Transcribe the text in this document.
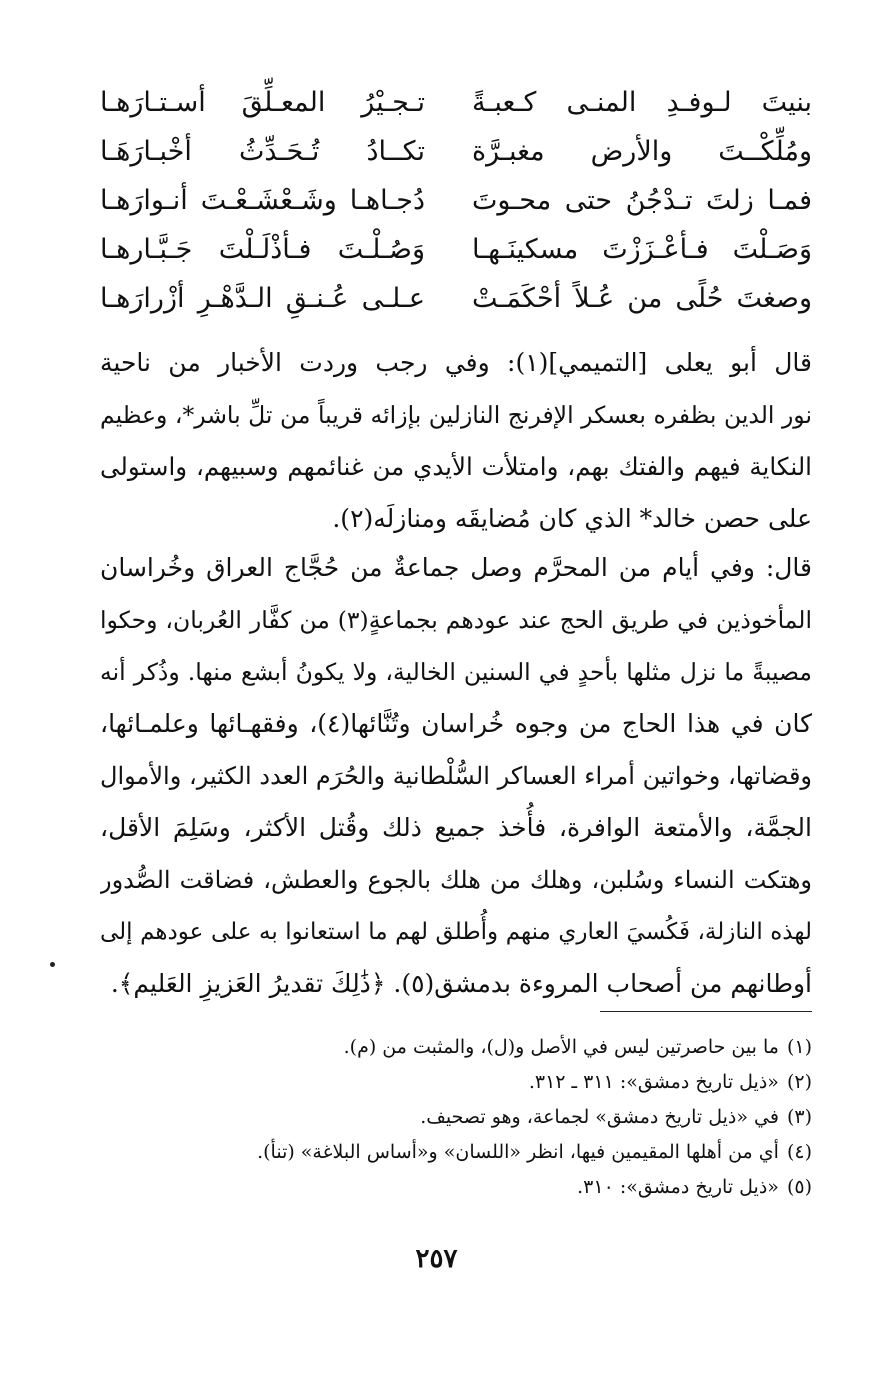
بنيتَ لـوفـدِ المنـى كـعبـةً
تـجـيْرُ المعـلِّقَ أسـتـارَهـا
ومُلِّكْــتَ والأرض مغبـرَّة
تكــادُ تُـحَـدِّثُ أخْبـارَهَـا
فمـا زلتَ تـدْجُنُ حتى محـوتَ
دُجـاهـا وشَـعْشَـعْـتَ أنـوارَهـا
وَصَـلْتَ فـأعْـزَزْتَ مسكينَـهـا
وَصُـلْـتَ فـأذْلَـلْتَ جَـبَّـارهـا
وصغتَ حُلًى من عُـلاً أحْكَمَـتْ
عـلـى عُـنـقِ الـدَّهْـرِ أزْرارَهـا
قال أبو يعلى [التميمي](١): وفي رجب وردت الأخبار من ناحية
نور الدين بظفره بعسكر الإفرنج النازلين بإزائه قريباً من تلِّ باشر*، وعظيم
النكاية فيهم والفتك بهم، وامتلأت الأيدي من غنائمهم وسبيهم، واستولى
على حصن خالد* الذي كان مُضايقَه ومنازلَه(٢).
قال: وفي أيام من المحرَّم وصل جماعةٌ من حُجَّاج العراق وخُراسان
المأخوذين في طريق الحج عند عودهم بجماعةٍ(٣) من كفَّار العُربان، وحكوا
مصيبةً ما نزل مثلها بأحدٍ في السنين الخالية، ولا يكونُ أبشع منها. وذُكر أنه
كان في هذا الحاج من وجوه خُراسان وتُنَّائها(٤)، وفقهـائها وعلمـائها،
وقضاتها، وخواتين أمراء العساكر السُّلْطانية والحُرَم العدد الكثير، والأموال
الجمَّة، والأمتعة الوافرة، فأُخذ جميع ذلك وقُتل الأكثر، وسَلِمَ الأقل،
وهتكت النساء وسُلبن، وهلك من هلك بالجوع والعطش، فضاقت الصُّدور
لهذه النازلة، فَكُسيَ العاري منهم وأُطلق لهم ما استعانوا به على عودهم إلى
أوطانهم من أصحاب المروءة بدمشق(٥). ﴿ذَٰلِكَ تقديرُ العَزيزِ العَليم﴾.
(١)ما بين حاصرتين ليس في الأصل و(ل)، والمثبت من (م).
(٢)«ذيل تاريخ دمشق»: ٣١١ ـ ٣١٢.
(٣)في «ذيل تاريخ دمشق» لجماعة، وهو تصحيف.
(٤)أي من أهلها المقيمين فيها، انظر «اللسان» و«أساس البلاغة» (تنأ).
(٥)«ذيل تاريخ دمشق»: ٣١٠.
٢٥٧
